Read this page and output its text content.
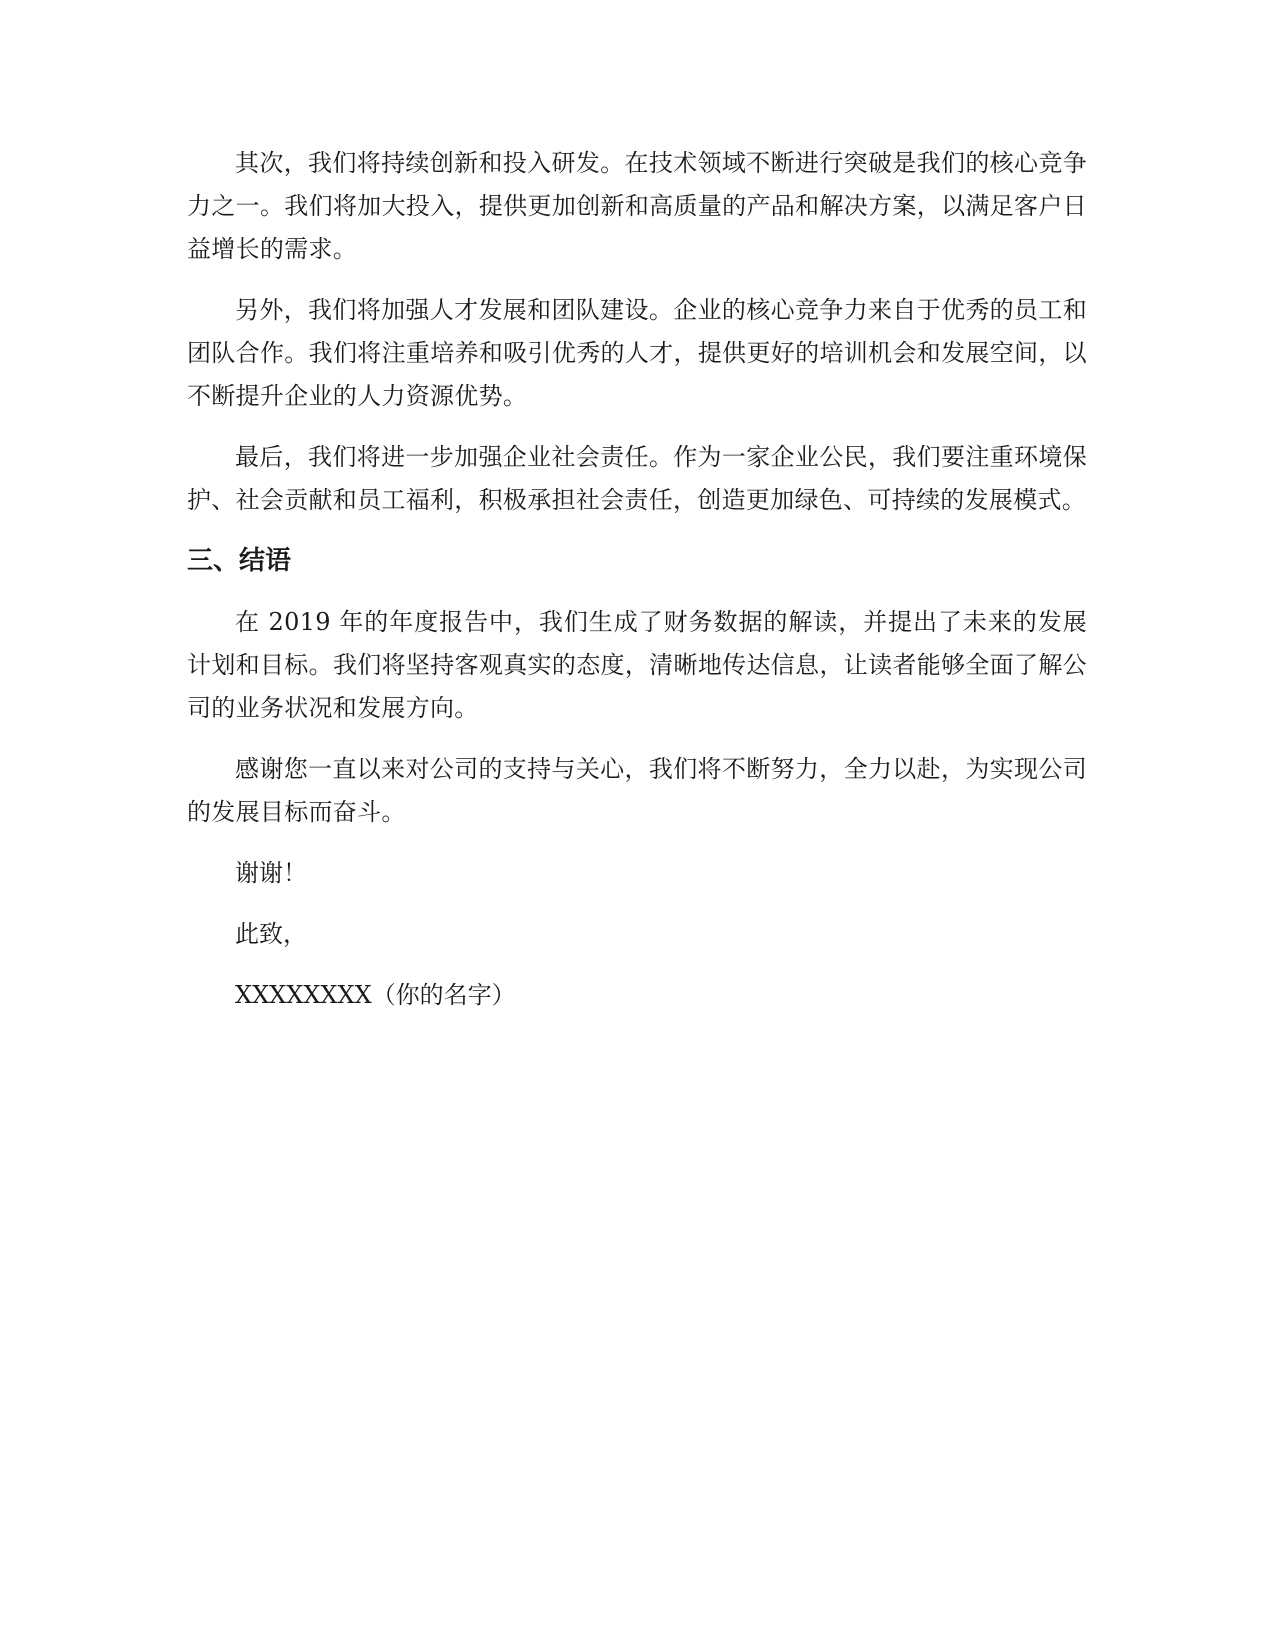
其次，我们将持续创新和投入研发。在技术领域不断进行突破是我们的核心竞争力之一。我们将加大投入，提供更加创新和高质量的产品和解决方案，以满足客户日益增长的需求。

另外，我们将加强人才发展和团队建设。企业的核心竞争力来自于优秀的员工和团队合作。我们将注重培养和吸引优秀的人才，提供更好的培训机会和发展空间，以不断提升企业的人力资源优势。

最后，我们将进一步加强企业社会责任。作为一家企业公民，我们要注重环境保护、社会贡献和员工福利，积极承担社会责任，创造更加绿色、可持续的发展模式。

三、结语

在 2019 年的年度报告中，我们生成了财务数据的解读，并提出了未来的发展计划和目标。我们将坚持客观真实的态度，清晰地传达信息，让读者能够全面了解公司的业务状况和发展方向。

感谢您一直以来对公司的支持与关心，我们将不断努力，全力以赴，为实现公司的发展目标而奋斗。

谢谢！

此致，

XXXXXXXX（你的名字）
